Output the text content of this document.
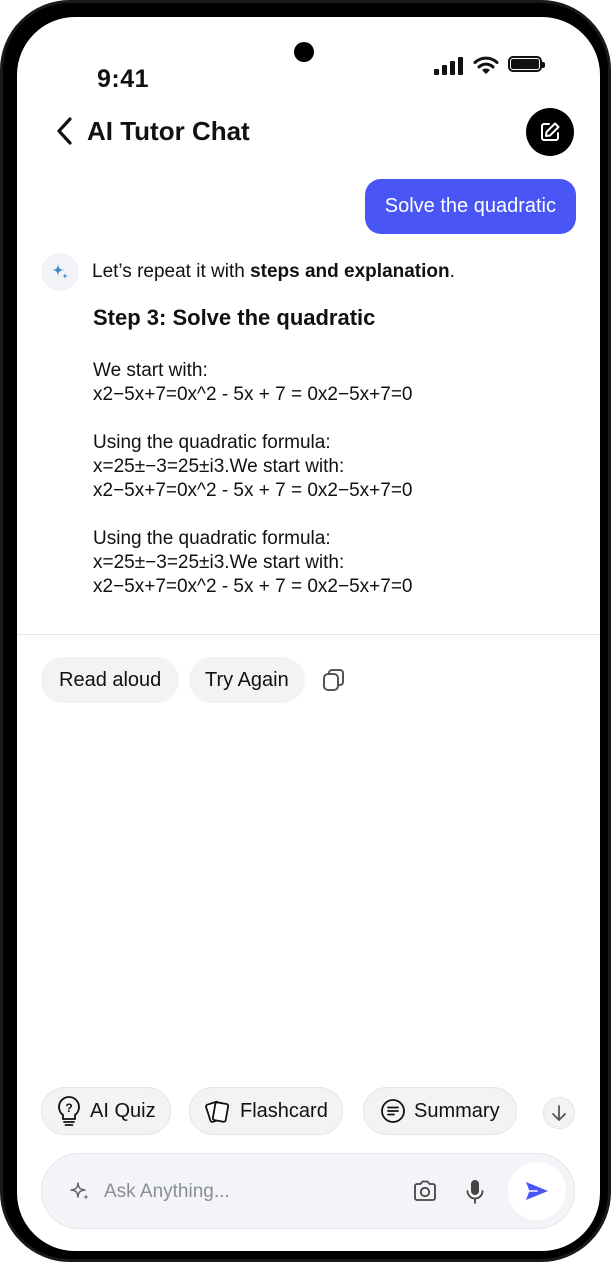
9:41
AI Tutor Chat
Solve the quadratic
Let’s repeat it with steps and explanation.
Step 3: Solve the quadratic
We start with:
x2−5x+7=0x^2 - 5x + 7 = 0x2−5x+7=0
Using the quadratic formula:
x=25±−3=25±i3.We start with:
x2−5x+7=0x^2 - 5x + 7 = 0x2−5x+7=0
Using the quadratic formula:
x=25±−3=25±i3.We start with:
x2−5x+7=0x^2 - 5x + 7 = 0x2−5x+7=0
Read aloud	Try Again
? AI Quiz	Flashcard	Summary
Ask Anything...
